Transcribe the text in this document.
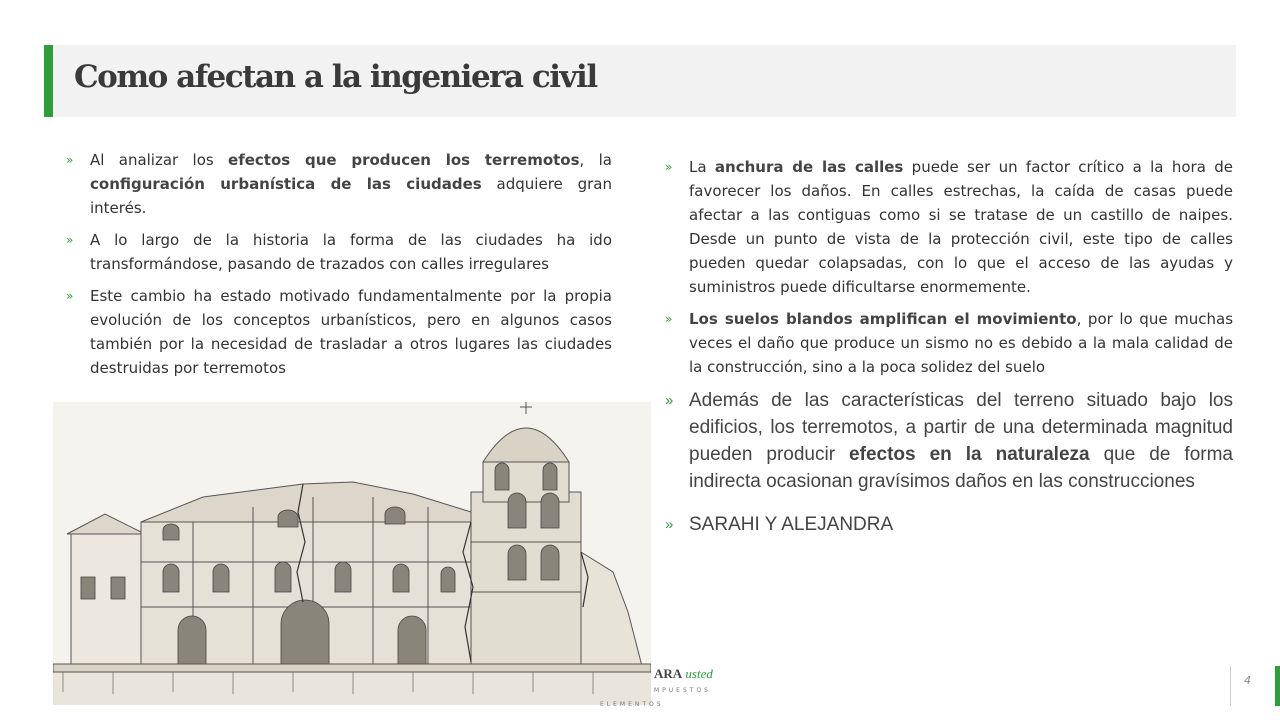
Como afectan a la ingeniera civil

»	Al analizar los efectos que producen los terremotos, la configuración urbanística de las ciudades adquiere gran interés.

»	A lo largo de la historia la forma de las ciudades ha ido transformándose, pasando de trazados con calles irregulares

»	Este cambio ha estado motivado fundamentalmente por la propia evolución de los conceptos urbanísticos, pero en algunos casos también por la necesidad de trasladar a otros lugares las ciudades destruidas por terremotos

»	La anchura de las calles puede ser un factor crítico a la hora de favorecer los daños. En calles estrechas, la caída de casas puede afectar a las contiguas como si se tratase de un castillo de naipes. Desde un punto de vista de la protección civil, este tipo de calles pueden quedar colapsadas, con lo que el acceso de las ayudas y suministros puede dificultarse enormemente.

»	Los suelos blandos amplifican el movimiento, por lo que muchas veces el daño que produce un sismo no es debido a la mala calidad de la construcción, sino a la poca solidez del suelo

» Además de las características del terreno situado bajo los edificios, los terremotos, a partir de una determinada magnitud pueden producir efectos en la naturaleza que de forma indirecta ocasionan gravísimos daños en las construcciones

» SARAHI Y ALEJANDRA

ARA usted
MPUESTOS
ELEMENTOS
4
